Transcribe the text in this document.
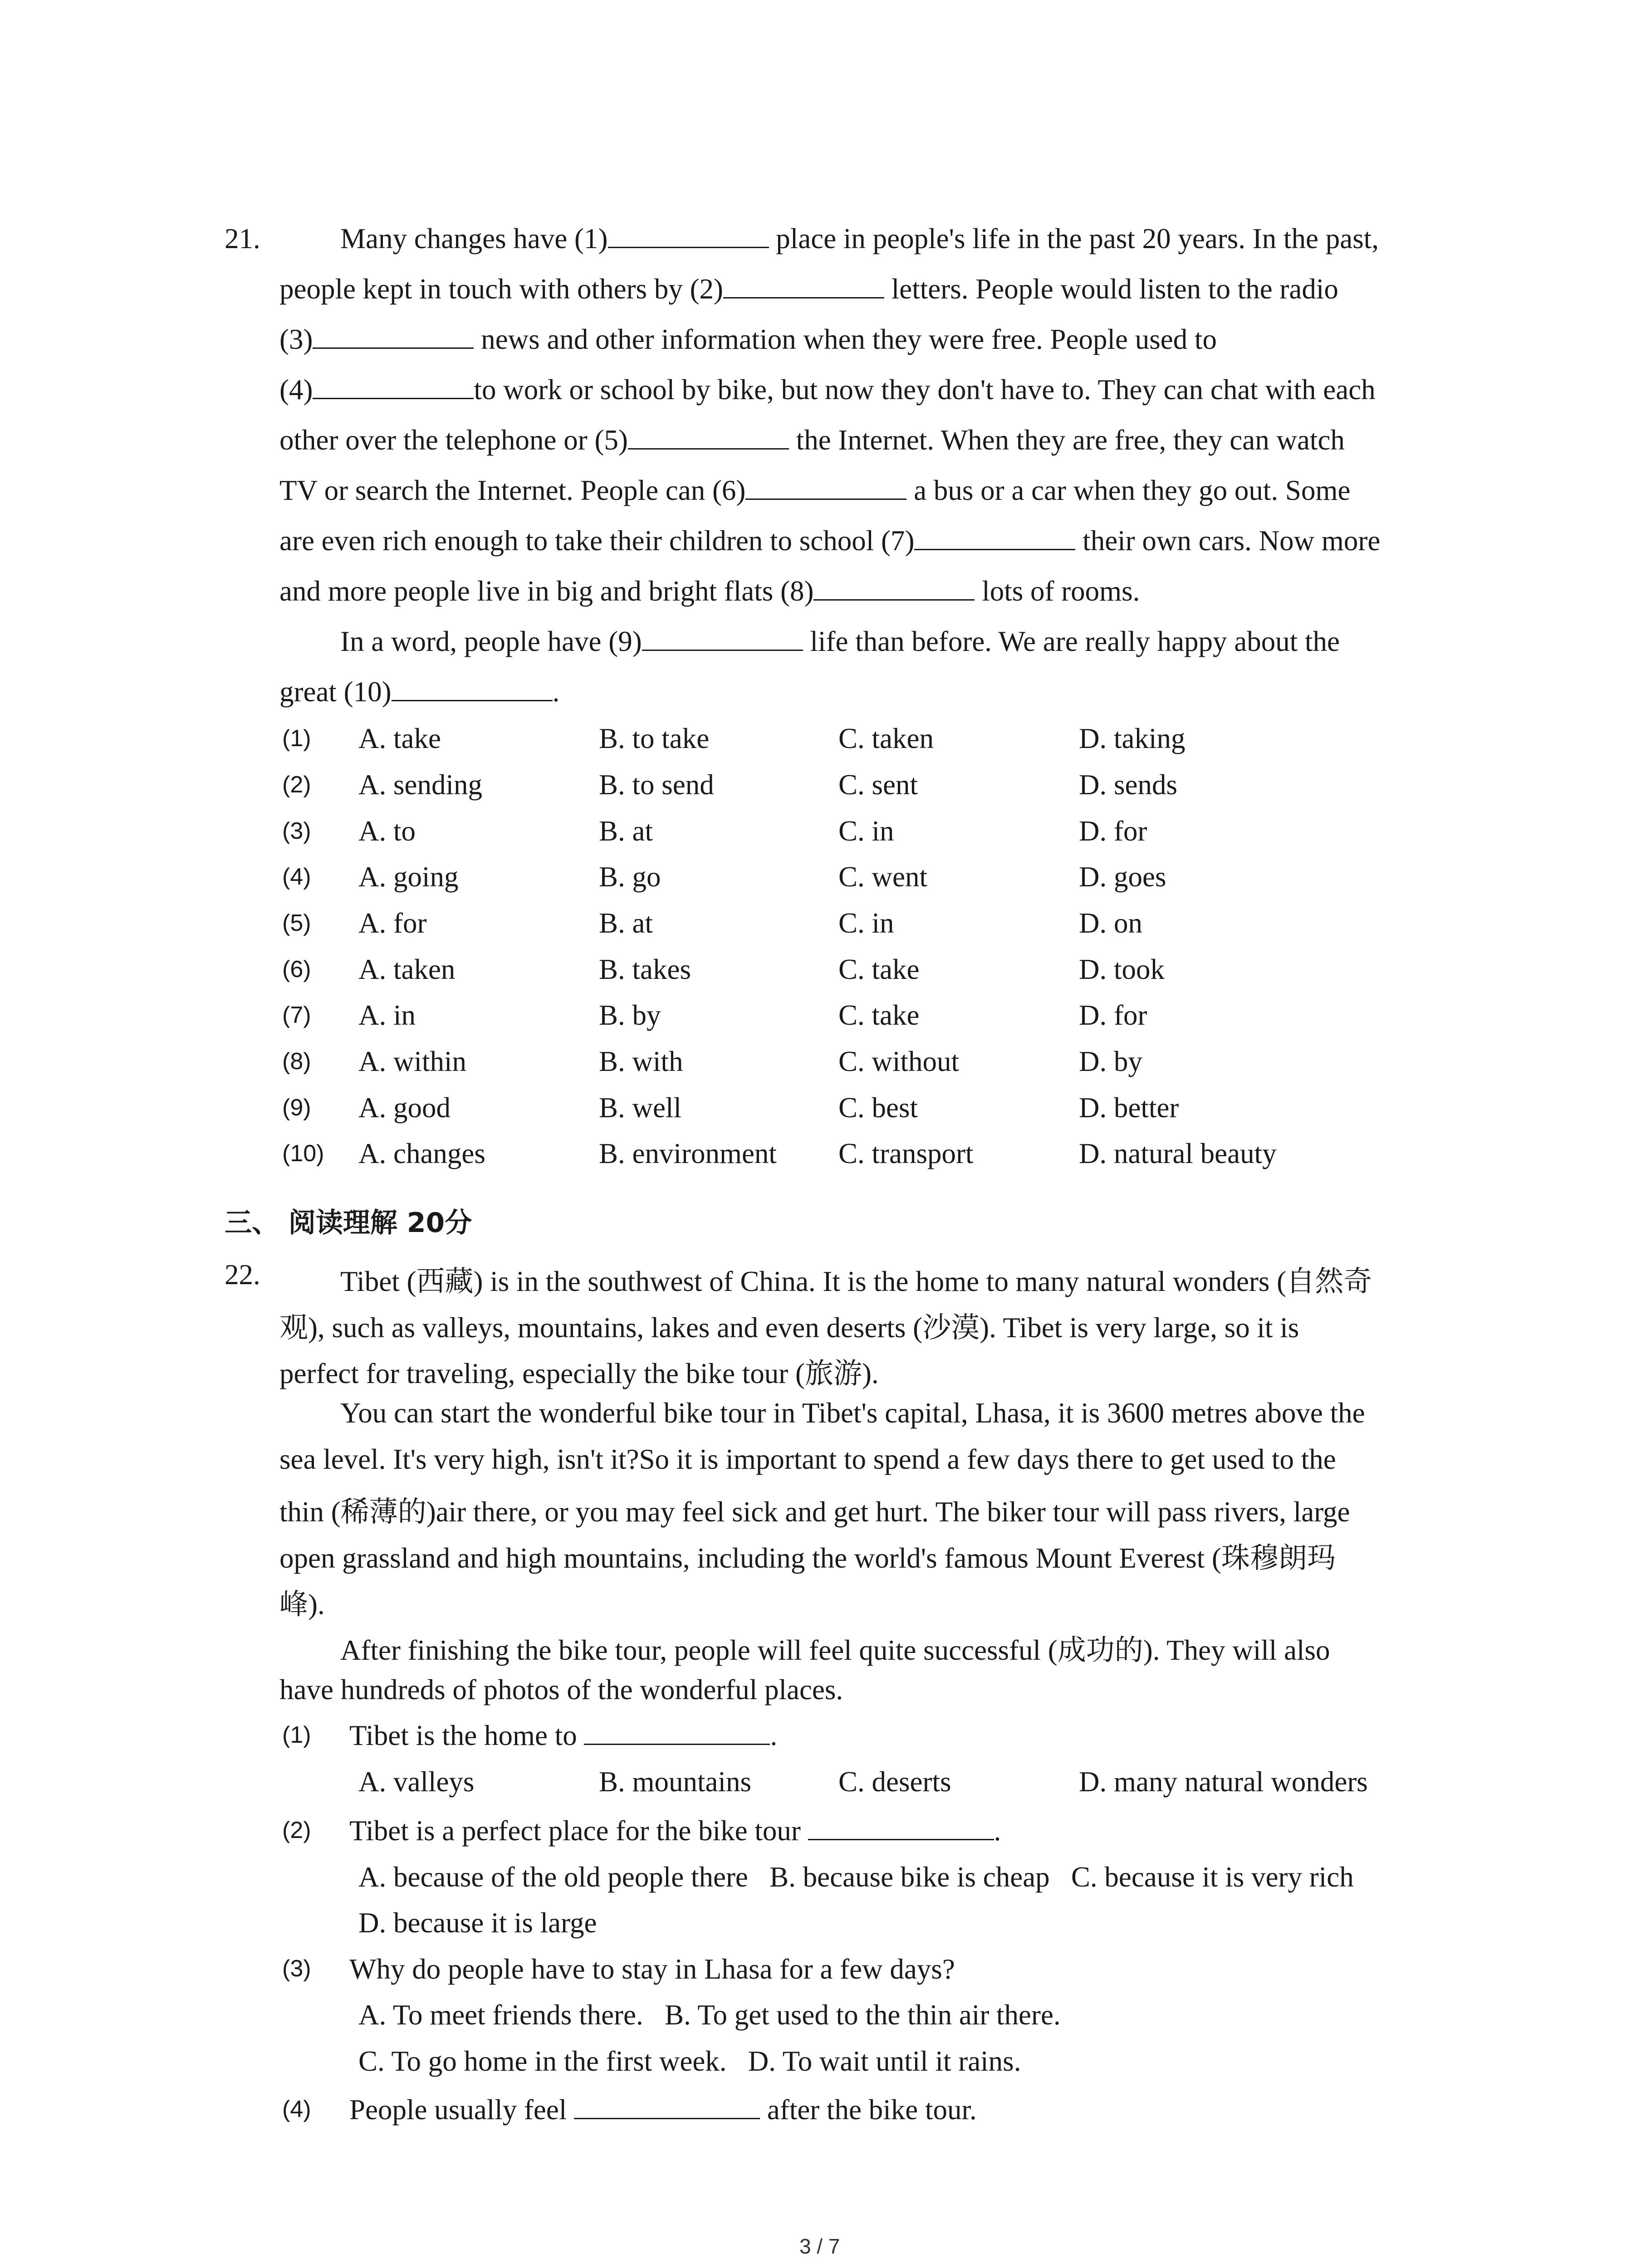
21.	Many changes have (1)	place in people's life in the past 20 years. In the past,
people kept in touch with others by (2)	letters. People would listen to the radio
(3)	news and other information when they were free. People used to
(4)	to work or school by bike, but now they don't have to. They can chat with each
other over the telephone or (5)	the Internet. When they are free, they can watch
TV or search the Internet. People can (6)	a bus or a car when they go out. Some
are even rich enough to take their children to school (7)	their own cars. Now more
and more people live in big and bright flats (8)	lots of rooms.
In a word, people have (9)	life than before. We are really happy about the
great (10)	.
(1) A. take	B. to take	C. taken	D. taking
(2) A. sending	B. to send	C. sent	D. sends
(3) A. to	B. at	C. in	D. for
(4) A. going	B. go	C. went	D. goes
(5) A. for	B. at	C. in	D. on
(6) A. taken	B. takes	C. take	D. took
(7) A. in	B. by	C. take	D. for
(8) A. within	B. with	C. without	D. by
(9) A. good	B. well	C. best	D. better
(10) A. changes	B. environment C. transport	D. natural beauty
三、 阅读理解 20分
22.	Tibet (西藏) is in the southwest of China. It is the home to many natural wonders (自然奇
观), such as valleys, mountains, lakes and even deserts (沙漠). Tibet is very large, so it is
perfect for traveling, especially the bike tour (旅游).
You can start the wonderful bike tour in Tibet's capital, Lhasa, it is 3600 metres above the
sea level. It's very high, isn't it?So it is important to spend a few days there to get used to the
thin (稀薄的)air there, or you may feel sick and get hurt. The biker tour will pass rivers, large
open grassland and high mountains, including the world's famous Mount Everest (珠穆朗玛
峰).
After finishing the bike tour, people will feel quite successful (成功的). They will also
have hundreds of photos of the wonderful places.
(1) Tibet is the home to	.
A. valleys	B. mountains	C. deserts	D. many natural wonders
(2) Tibet is a perfect place for the bike tour	.
A. because of the old people there   B. because bike is cheap   C. because it is very rich
D. because it is large
(3) Why do people have to stay in Lhasa for a few days?
A. To meet friends there.   B. To get used to the thin air there.
C. To go home in the first week.   D. To wait until it rains.
(4) People usually feel	after the bike tour.
3 / 7
